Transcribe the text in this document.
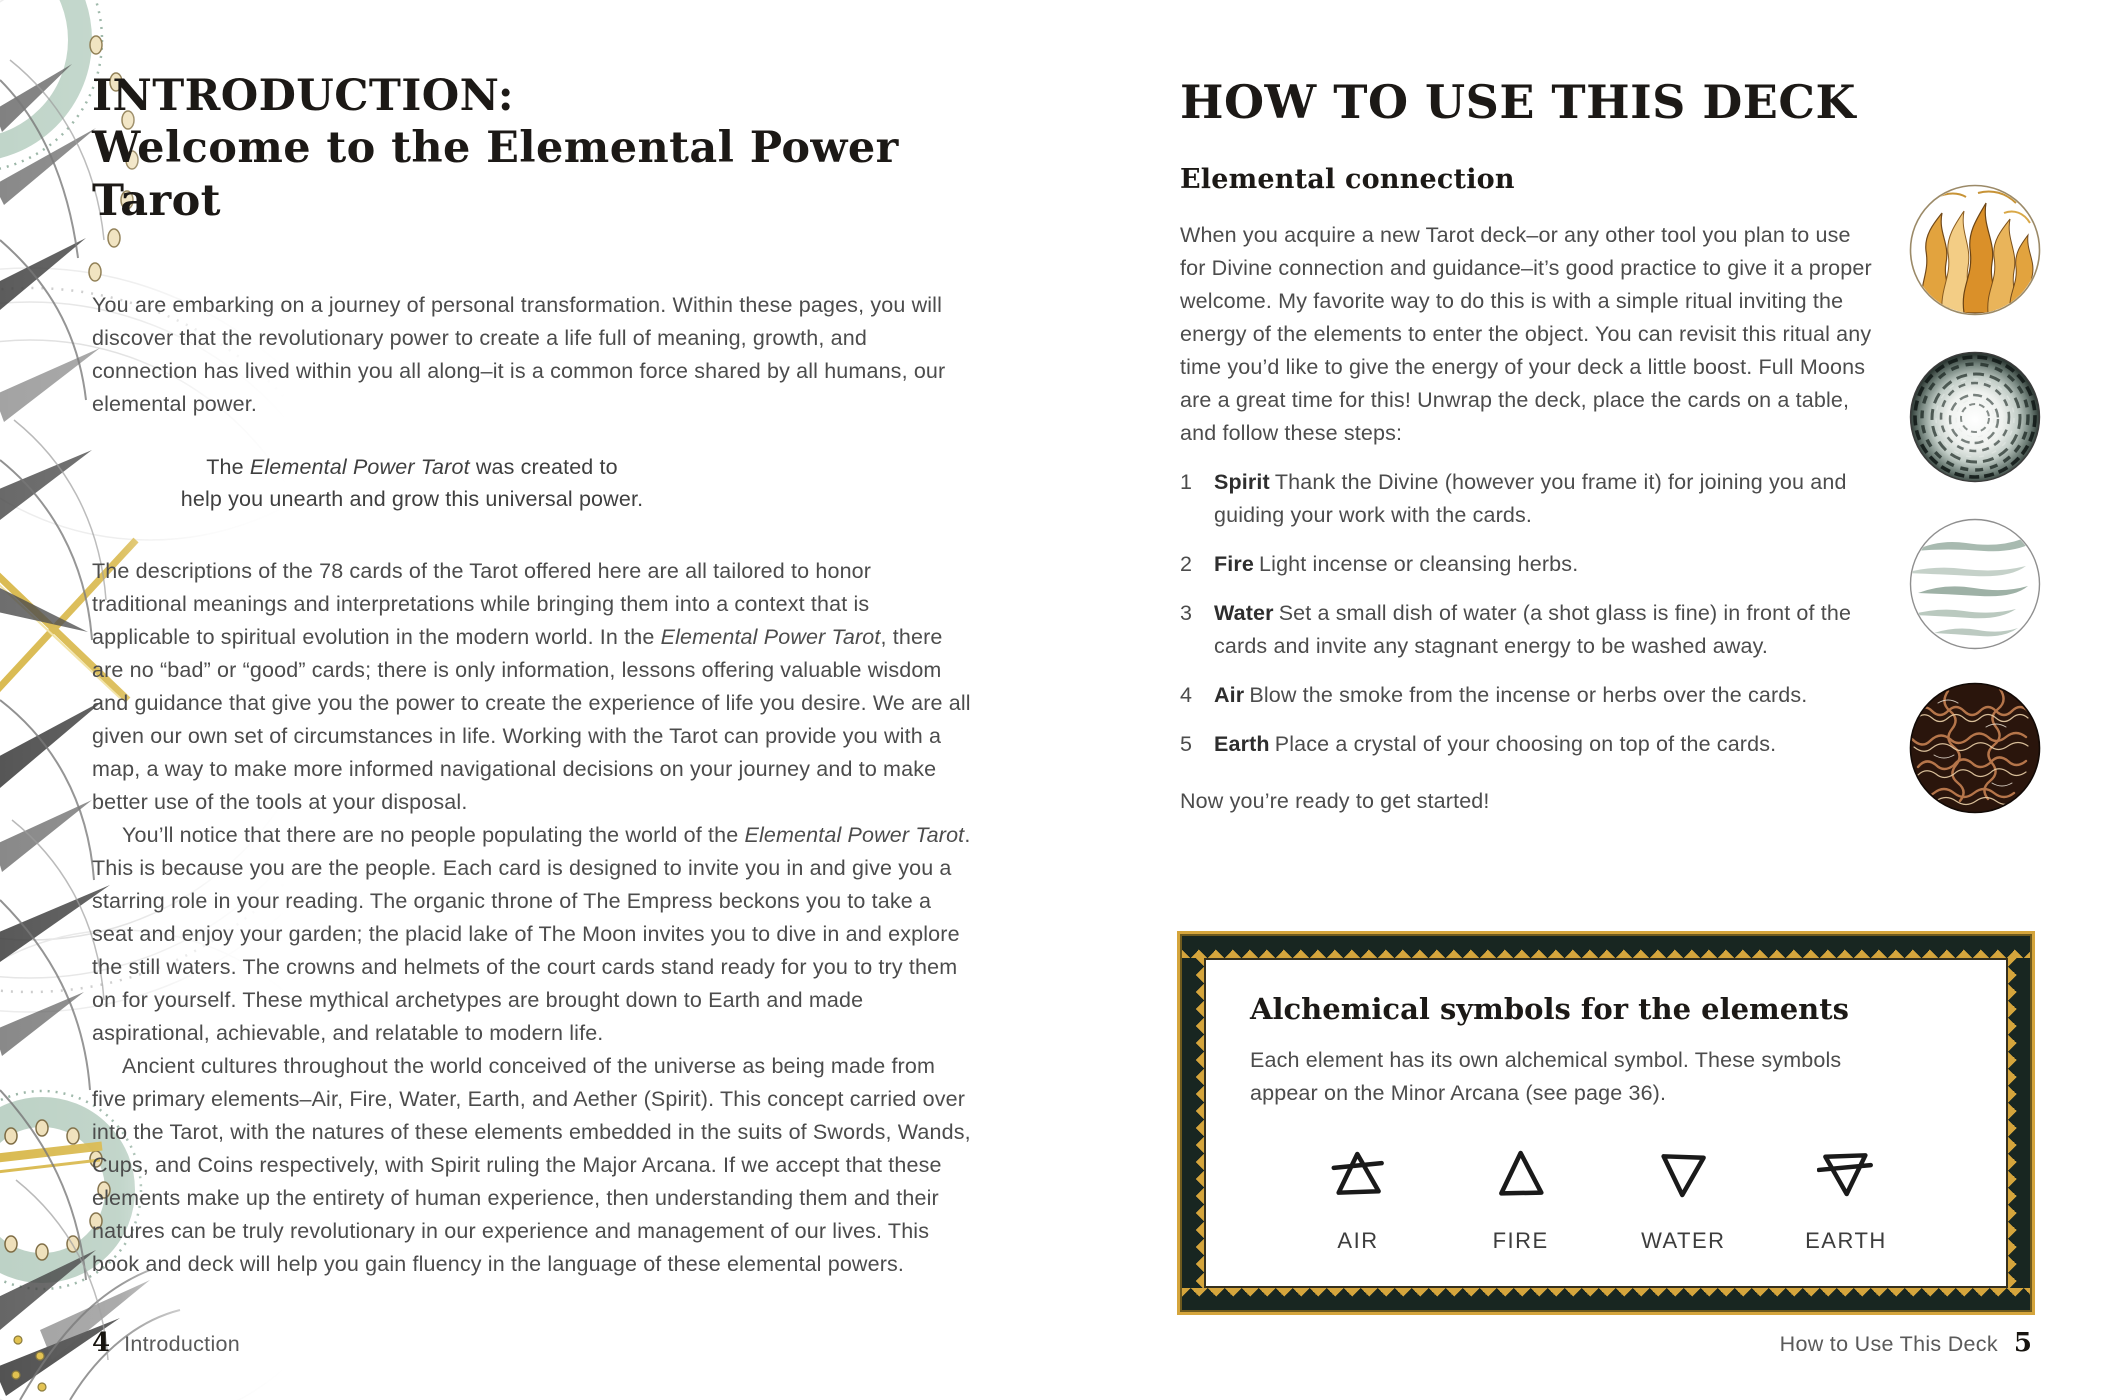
INTRODUCTION:
Welcome to the Elemental Power Tarot

You are embarking on a journey of personal transformation. Within these pages, you will discover that the revolutionary power to create a life full of meaning, growth, and connection has lived within you all along–it is a common force shared by all humans, our elemental power.

The Elemental Power Tarot was created to
help you unearth and grow this universal power.

The descriptions of the 78 cards of the Tarot offered here are all tailored to honor traditional meanings and interpretations while bringing them into a context that is applicable to spiritual evolution in the modern world. In the Elemental Power Tarot, there are no “bad” or “good” cards; there is only information, lessons offering valuable wisdom and guidance that give you the power to create the experience of life you desire. We are all given our own set of circumstances in life. Working with the Tarot can provide you with a map, a way to make more informed navigational decisions on your journey and to make better use of the tools at your disposal.

You’ll notice that there are no people populating the world of the Elemental Power Tarot. This is because you are the people. Each card is designed to invite you in and give you a starring role in your reading. The organic throne of The Empress beckons you to take a seat and enjoy your garden; the placid lake of The Moon invites you to dive in and explore the still waters. The crowns and helmets of the court cards stand ready for you to try them on for yourself. These mythical archetypes are brought down to Earth and made aspirational, achievable, and relatable to modern life.

Ancient cultures throughout the world conceived of the universe as being made from five primary elements–Air, Fire, Water, Earth, and Aether (Spirit). This concept carried over into the Tarot, with the natures of these elements embedded in the suits of Swords, Wands, Cups, and Coins respectively, with Spirit ruling the Major Arcana. If we accept that these elements make up the entirety of human experience, then understanding them and their natures can be truly revolutionary in our experience and management of our lives. This book and deck will help you gain fluency in the language of these elemental powers.

4 Introduction
HOW TO USE THIS DECK
Elemental connection

When you acquire a new Tarot deck–or any other tool you plan to use for Divine connection and guidance–it’s good practice to give it a proper welcome. My favorite way to do this is with a simple ritual inviting the energy of the elements to enter the object. You can revisit this ritual any time you’d like to give the energy of your deck a little boost. Full Moons are a great time for this! Unwrap the deck, place the cards on a table, and follow these steps:

1	Spirit Thank the Divine (however you frame it) for joining you and guiding your work with the cards.

2	Fire Light incense or cleansing herbs.

3	Water Set a small dish of water (a shot glass is fine) in front of the cards and invite any stagnant energy to be washed away.

4	Air Blow the smoke from the incense or herbs over the cards.

5	Earth Place a crystal of your choosing on top of the cards.

Now you’re ready to get started!

Alchemical symbols for the elements

Each element has its own alchemical symbol. These symbols appear on the Minor Arcana (see page 36).

AIR	FIRE	WATER	EARTH
How to Use This Deck 5
